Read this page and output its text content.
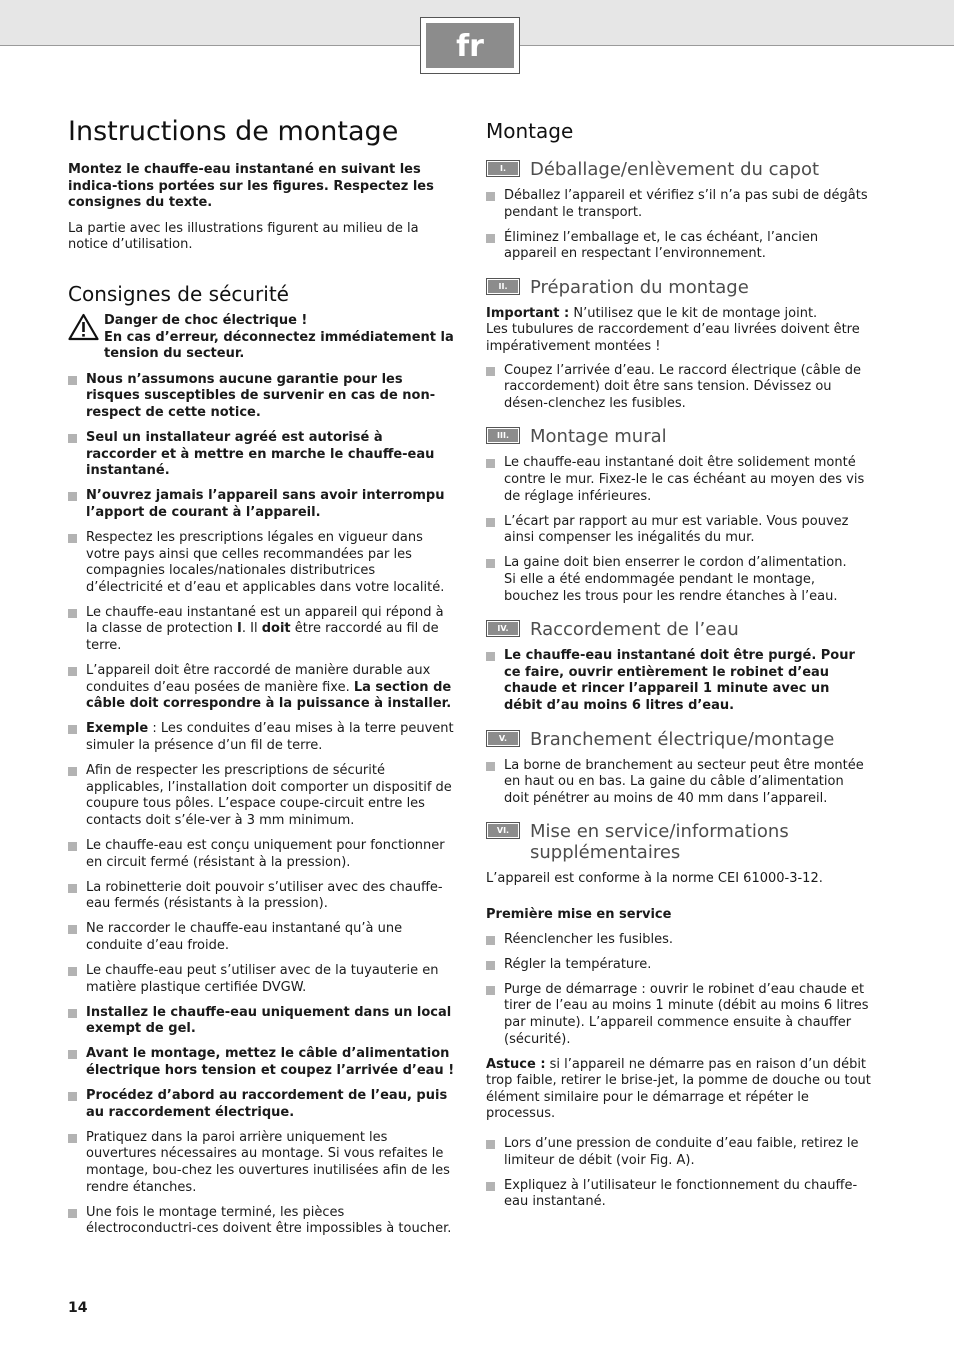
fr
Instructions de montage

Montez le chauffe-eau instantané en suivant les indica-tions portées sur les figures. Respectez les consignes du texte.

La partie avec les illustrations figurent au milieu de la notice d’utilisation.

Consignes de sécurité

Danger de choc électrique !

En cas d’erreur, déconnectez immédiatement la tension du secteur.

Nous n’assumons aucune garantie pour les risques susceptibles de survenir en cas de non-respect de cette notice.
Seul un installateur agréé est autorisé à raccorder et à mettre en marche le chauffe-eau instantané.
N’ouvrez jamais l’appareil sans avoir interrompu l’apport de courant à l’appareil.
Respectez les prescriptions légales en vigueur dans votre pays ainsi que celles recommandées par les compagnies locales/nationales distributrices d’électricité et d’eau et applicables dans votre localité.
Le chauffe-eau instantané est un appareil qui répond à la classe de protection I. Il doit être raccordé au fil de terre.
L’appareil doit être raccordé de manière durable aux conduites d’eau posées de manière fixe. La section de câble doit correspondre à la puissance à installer.
Exemple : Les conduites d’eau mises à la terre peuvent simuler la présence d’un fil de terre.
Afin de respecter les prescriptions de sécurité applicables, l’installation doit comporter un dispositif de coupure tous pôles. L’espace coupe-circuit entre les contacts doit s’éle-ver à 3 mm minimum.
Le chauffe-eau est conçu uniquement pour fonctionner en circuit fermé (résistant à la pression).
La robinetterie doit pouvoir s’utiliser avec des chauffe-eau fermés (résistants à la pression).
Ne raccorder le chauffe-eau instantané qu’à une conduite d’eau froide.
Le chauffe-eau peut s’utiliser avec de la tuyauterie en matière plastique certifiée DVGW.
Installez le chauffe-eau uniquement dans un local exempt de gel.
Avant le montage, mettez le câble d’alimentation électrique hors tension et coupez l’arrivée d’eau !
Procédez d’abord au raccordement de l’eau, puis au raccordement électrique.
Pratiquez dans la paroi arrière uniquement les ouvertures nécessaires au montage. Si vous refaites le montage, bou-chez les ouvertures inutilisées afin de les rendre étanches.
Une fois le montage terminé, les pièces électroconductri-ces doivent être impossibles à toucher.
Montage
I.	Déballage/enlèvement du capot
Déballez l’appareil et vérifiez s’il n’a pas subi de dégâts pendant le transport.
Éliminez l’emballage et, le cas échéant, l’ancien appareil en respectant l’environnement.
II.	Préparation du montage

Important : N’utilisez que le kit de montage joint.

Les tubulures de raccordement d’eau livrées doivent être impérativement montées !

Coupez l’arrivée d’eau. Le raccord électrique (câble de raccordement) doit être sans tension. Dévissez ou désen-clenchez les fusibles.
III.	Montage mural
Le chauffe-eau instantané doit être solidement monté contre le mur. Fixez-le le cas échéant au moyen des vis de réglage inférieures.
L’écart par rapport au mur est variable. Vous pouvez ainsi compenser les inégalités du mur.
La gaine doit bien enserrer le cordon d’alimentation.
Si elle a été endommagée pendant le montage, bouchez les trous pour les rendre étanches à l’eau.
IV.	Raccordement de l’eau
Le chauffe-eau instantané doit être purgé. Pour ce faire, ouvrir entièrement le robinet d’eau chaude et rincer l’appareil 1 minute avec un débit d’au moins 6 litres d’eau.
V.	Branchement électrique/montage
La borne de branchement au secteur peut être montée en haut ou en bas. La gaine du câble d’alimentation doit pénétrer au moins de 40 mm dans l’appareil.
VI.	Mise en service/informations supplémentaires

L’appareil est conforme à la norme CEI 61000-3-12.

Première mise en service

Réenclencher les fusibles.
Régler la température.
Purge de démarrage : ouvrir le robinet d’eau chaude et tirer de l’eau au moins 1 minute (débit au moins 6 litres par minute). L’appareil commence ensuite à chauffer (sécurité).

Astuce : si l’appareil ne démarre pas en raison d’un débit trop faible, retirer le brise-jet, la pomme de douche ou tout élément similaire pour le démarrage et répéter le processus.

Lors d’une pression de conduite d’eau faible, retirez le limiteur de débit (voir Fig. A).
Expliquez à l’utilisateur le fonctionnement du chauffe-eau instantané.
14
